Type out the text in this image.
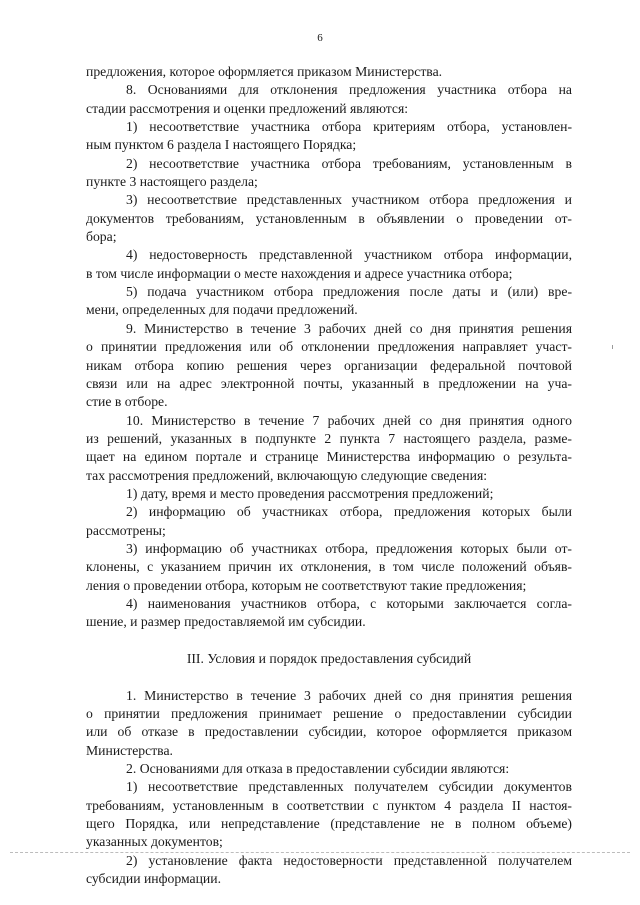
6
предложения, которое оформляется приказом Министерства.
8. Основаниями для отклонения предложения участника отбора на
стадии рассмотрения и оценки предложений являются:
1) несоответствие участника отбора критериям отбора, установлен-
ным пунктом 6 раздела I настоящего Порядка;
2) несоответствие участника отбора требованиям, установленным в
пункте 3 настоящего раздела;
3) несоответствие представленных участником отбора предложения и
документов требованиям, установленным в объявлении о проведении от-
бора;
4) недостоверность представленной участником отбора информации,
в том числе информации о месте нахождения и адресе участника отбора;
5) подача участником отбора предложения после даты и (или) вре-
мени, определенных для подачи предложений.
9. Министерство в течение 3 рабочих дней со дня принятия решения
о принятии предложения или об отклонении предложения направляет участ-
никам отбора копию решения через организации федеральной почтовой
связи или на адрес электронной почты, указанный в предложении на уча-
стие в отборе.
10. Министерство в течение 7 рабочих дней со дня принятия одного
из решений, указанных в подпункте 2 пункта 7 настоящего раздела, разме-
щает на едином портале и странице Министерства информацию о результа-
тах рассмотрения предложений, включающую следующие сведения:
1) дату, время и место проведения рассмотрения предложений;
2) информацию об участниках отбора, предложения которых были
рассмотрены;
3) информацию об участниках отбора, предложения которых были от-
клонены, с указанием причин их отклонения, в том числе положений объяв-
ления о проведении отбора, которым не соответствуют такие предложения;
4) наименования участников отбора, с которыми заключается согла-
шение, и размер предоставляемой им субсидии.
III. Условия и порядок предоставления субсидий
1. Министерство в течение 3 рабочих дней со дня принятия решения
о принятии предложения принимает решение о предоставлении субсидии
или об отказе в предоставлении субсидии, которое оформляется приказом
Министерства.
2. Основаниями для отказа в предоставлении субсидии являются:
1) несоответствие представленных получателем субсидии документов
требованиям, установленным в соответствии с пунктом 4 раздела II настоя-
щего Порядка, или непредставление (представление не в полном объеме)
указанных документов;
2) установление факта недостоверности представленной получателем
субсидии информации.
